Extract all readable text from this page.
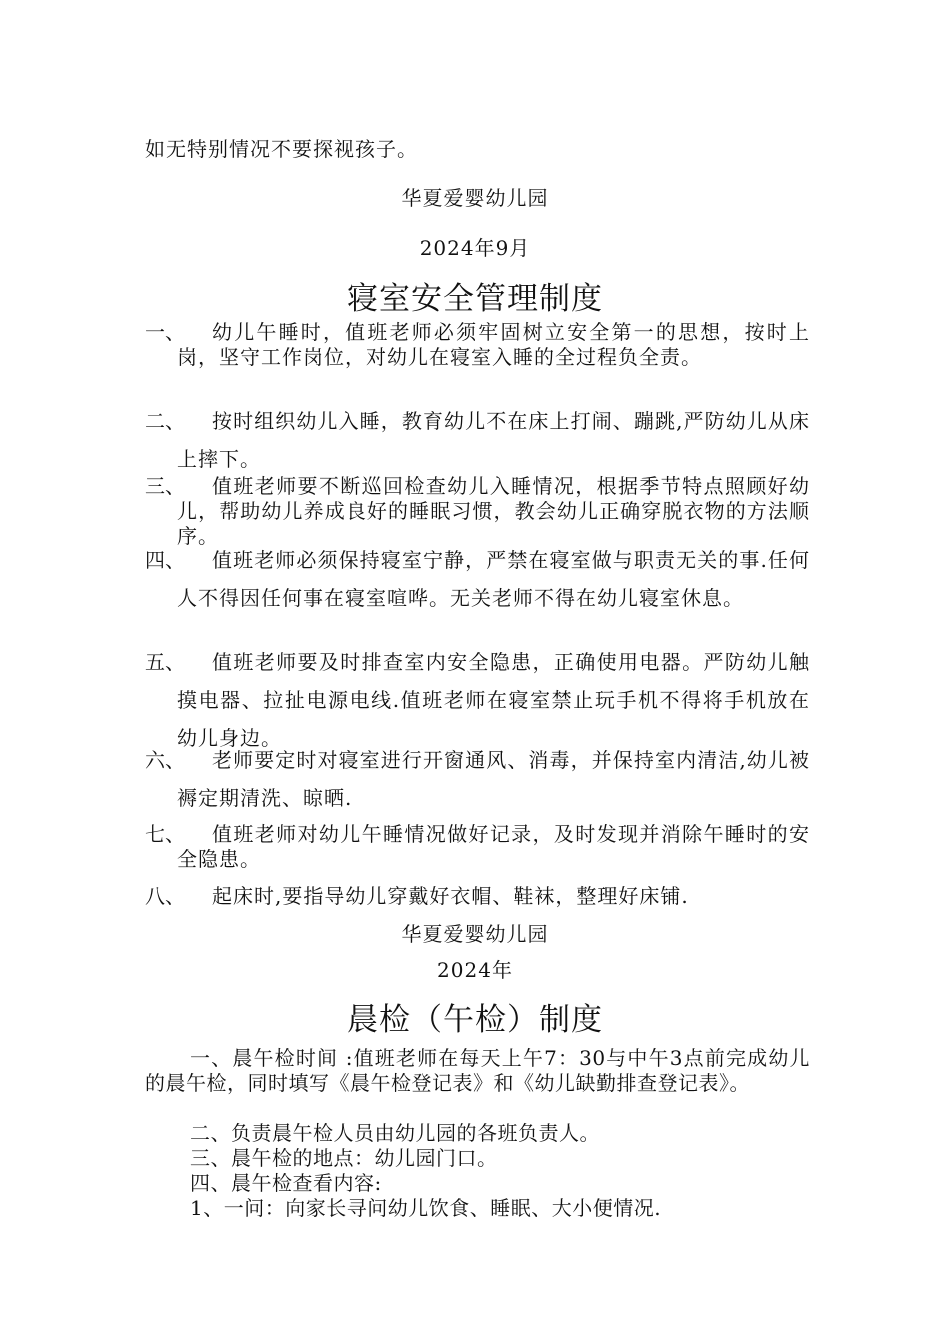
如无特别情况不要探视孩子。
华夏爱婴幼儿园
2024年9月
寝室安全管理制度
一、	幼儿午睡时，值班老师必须牢固树立安全第一的思想，按时上岗，坚守工作岗位，对幼儿在寝室入睡的全过程负全责。
二、	按时组织幼儿入睡，教育幼儿不在床上打闹、蹦跳,严防幼儿从床上摔下。
三、	值班老师要不断巡回检查幼儿入睡情况，根据季节特点照顾好幼儿，帮助幼儿养成良好的睡眠习惯，教会幼儿正确穿脱衣物的方法顺序。
四、	值班老师必须保持寝室宁静，严禁在寝室做与职责无关的事.任何人不得因任何事在寝室喧哗。无关老师不得在幼儿寝室休息。
五、	值班老师要及时排查室内安全隐患，正确使用电器。严防幼儿触摸电器、拉扯电源电线.值班老师在寝室禁止玩手机不得将手机放在幼儿身边。
六、	老师要定时对寝室进行开窗通风、消毒，并保持室内清洁,幼儿被褥定期清洗、晾晒.
七、	值班老师对幼儿午睡情况做好记录，及时发现并消除午睡时的安全隐患。
八、	起床时,要指导幼儿穿戴好衣帽、鞋袜，整理好床铺.
华夏爱婴幼儿园
2024年
晨检（午检）制度
一、晨午检时间 :值班老师在每天上午7：30与中午3点前完成幼儿的晨午检，同时填写《晨午检登记表》和《幼儿缺勤排查登记表》。
二、负责晨午检人员由幼儿园的各班负责人。
三、晨午检的地点：幼儿园门口。
四、晨午检查看内容:
1、一问：向家长寻问幼儿饮食、睡眠、大小便情况.
